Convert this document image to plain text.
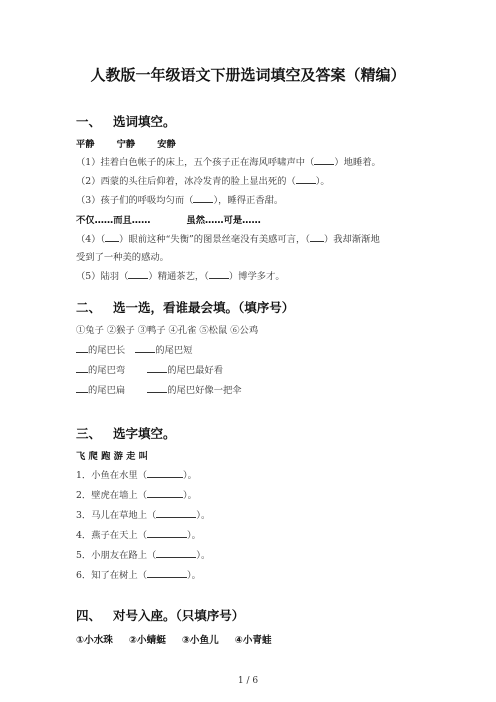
人教版一年级语文下册选词填空及答案（精编）
一、 选词填空。
平静 宁静 安静
（1）挂着白色帐子的床上，五个孩子正在海风呼啸声中（ ）地睡着。
（2）西蒙的头往后仰着，冰冷发青的脸上显出死的（ ）。
（3）孩子们的呼吸均匀而（ ），睡得正香甜。
不仅……而且……	虽然……可是……
（4）（ ）眼前这种“失衡”的图景丝毫没有美感可言，（ ）我却渐渐地
受到了一种美的感动。
（5）陆羽（ ）精通茶艺，（ ）博学多才。
二、 选一选，看谁最会填。（填序号）
①兔子 ②猴子 ③鸭子 ④孔雀 ⑤松鼠 ⑥公鸡
的尾巴长	的尾巴短
的尾巴弯	的尾巴最好看
的尾巴扁	的尾巴好像一把伞
三、 选字填空。
飞 爬 跑 游 走 叫
1．小鱼在水里（	）。
2．壁虎在墙上（	）。
3．马儿在草地上（	）。
4．燕子在天上（	）。
5．小朋友在路上（	）。
6．知了在树上（	）。
四、 对号入座。（只填序号）
①小水珠 ②小蜻蜓 ③小鱼儿 ④小青蛙
1 / 6
